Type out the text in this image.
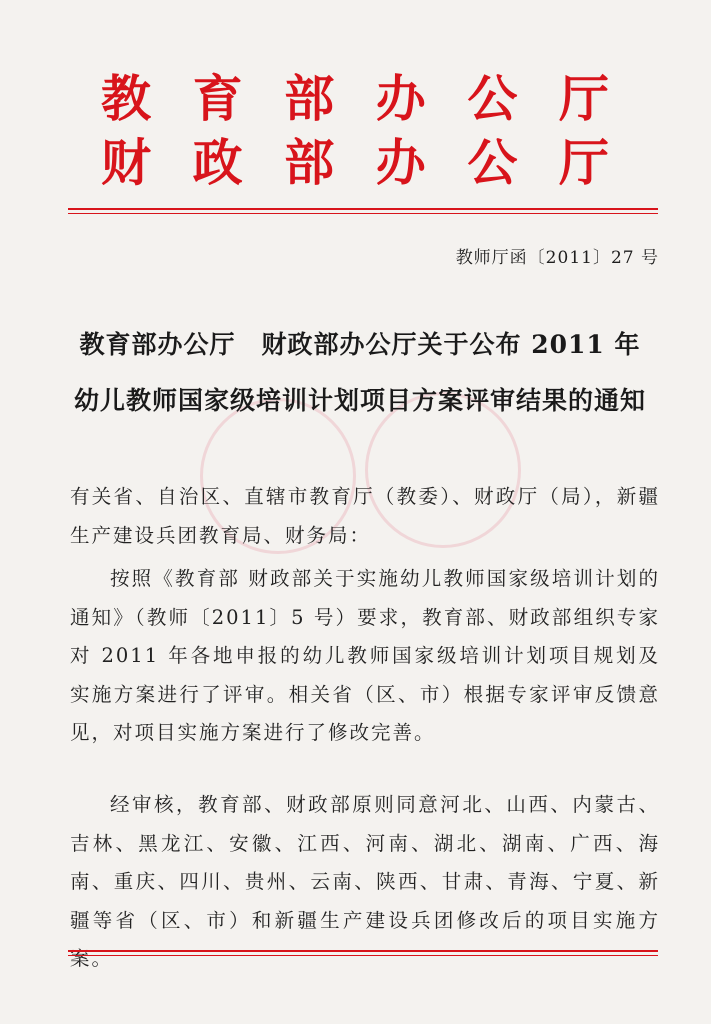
教 育 部 办 公 厅
财 政 部 办 公 厅
教师厅函〔2011〕27 号
教育部办公厅　财政部办公厅关于公布 2011 年
幼儿教师国家级培训计划项目方案评审结果的通知
有关省、自治区、直辖市教育厅（教委）、财政厅（局），新疆生产建设兵团教育局、财务局：
按照《教育部 财政部关于实施幼儿教师国家级培训计划的通知》（教师〔2011〕5 号）要求，教育部、财政部组织专家对 2011 年各地申报的幼儿教师国家级培训计划项目规划及实施方案进行了评审。相关省（区、市）根据专家评审反馈意见，对项目实施方案进行了修改完善。
经审核，教育部、财政部原则同意河北、山西、内蒙古、吉林、黑龙江、安徽、江西、河南、湖北、湖南、广西、海南、重庆、四川、贵州、云南、陕西、甘肃、青海、宁夏、新疆等省（区、市）和新疆生产建设兵团修改后的项目实施方案。
